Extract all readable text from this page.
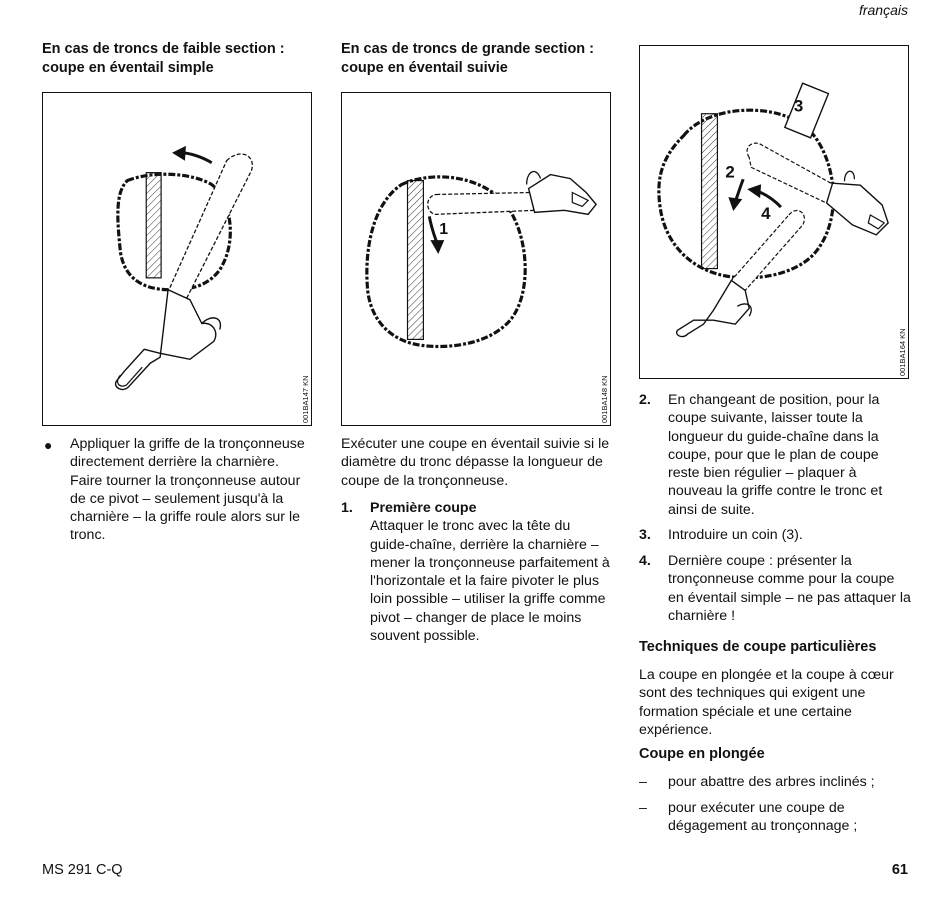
français
En cas de troncs de faible section :
coupe en éventail simple
001BA147 KN
● Appliquer la griffe de la tronçonneuse directement derrière la charnière. Faire tourner la tronçonneuse autour de ce pivot – seulement jusqu'à la charnière – la griffe roule alors sur le tronc.
En cas de troncs de grande section :
coupe en éventail suivie
1
001BA148 KN
Exécuter une coupe en éventail suivie si le diamètre du tronc dépasse la longueur de coupe de la tronçonneuse.
1. Première coupe
Attaquer le tronc avec la tête du guide-chaîne, derrière la charnière – mener la tronçonneuse parfaitement à l'horizontale et la faire pivoter le plus loin possible – utiliser la griffe comme pivot – changer de place le moins souvent possible.
3
2
4
001BA164 KN
2. En changeant de position, pour la coupe suivante, laisser toute la longueur du guide-chaîne dans la coupe, pour que le plan de coupe reste bien régulier – plaquer à nouveau la griffe contre le tronc et ainsi de suite.
3. Introduire un coin (3).
4. Dernière coupe : présenter la tronçonneuse comme pour la coupe en éventail simple – ne pas attaquer la charnière !
Techniques de coupe particulières
La coupe en plongée et la coupe à cœur sont des techniques qui exigent une formation spéciale et une certaine expérience.
Coupe en plongée
– pour abattre des arbres inclinés ;
– pour exécuter une coupe de dégagement au tronçonnage ;
MS 291 C-Q	61
